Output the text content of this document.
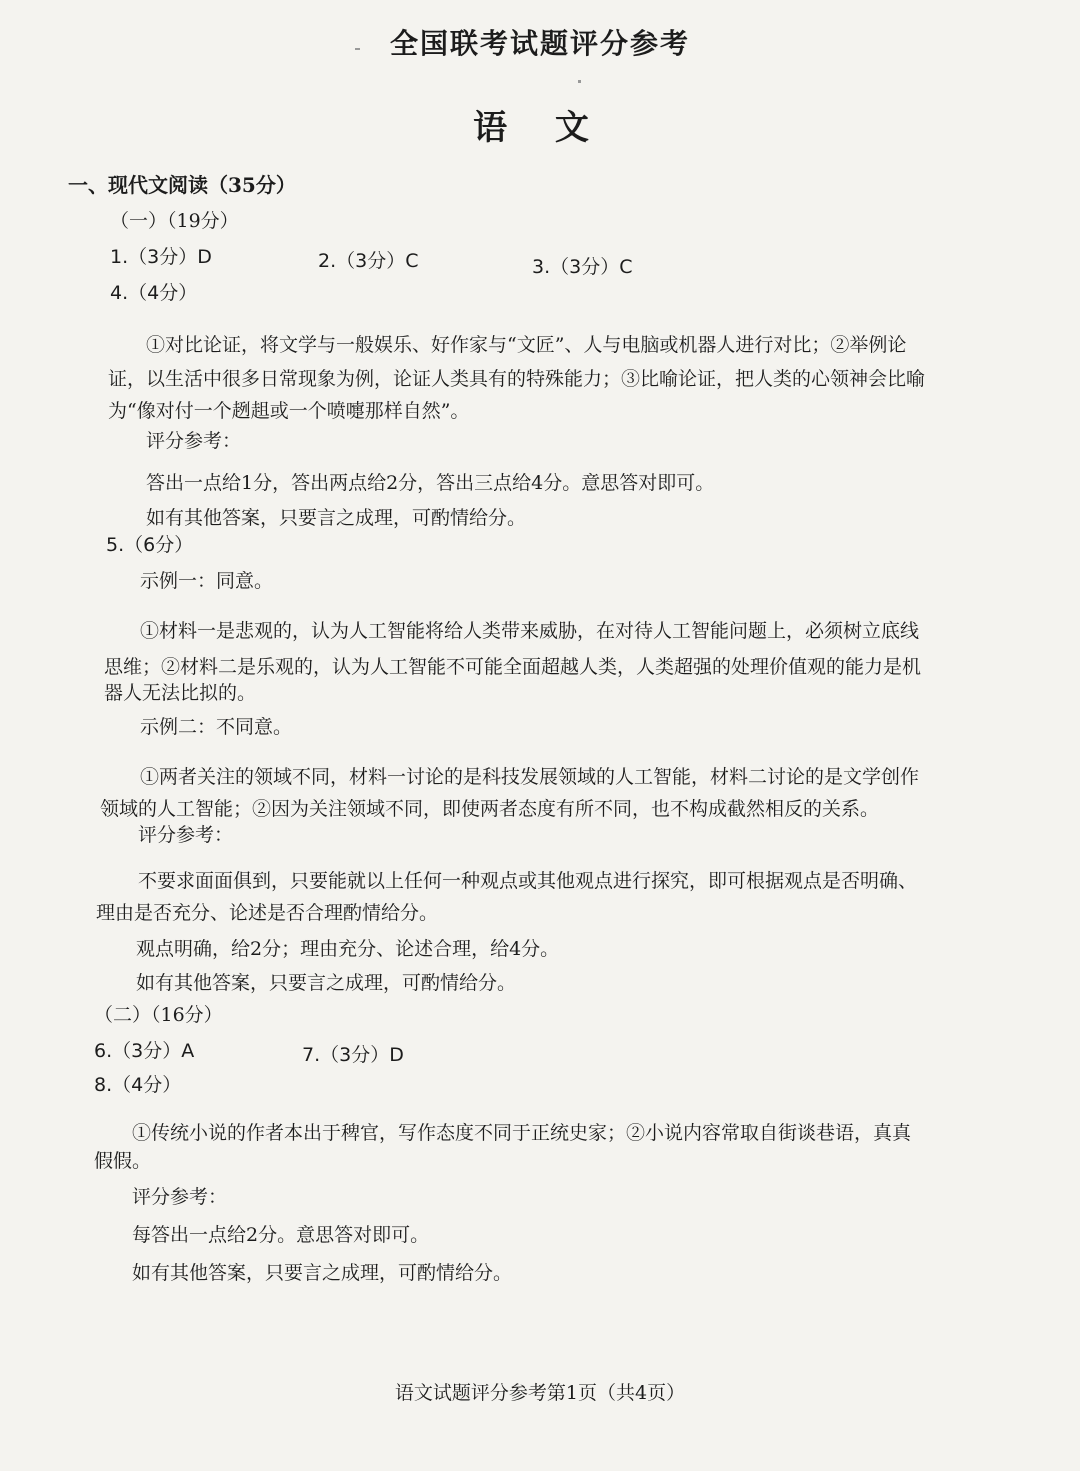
全国联考试题评分参考
语 文
一、现代文阅读（35分）
（一）（19分）
1.（3分）D	2.（3分）C	3.（3分）C
4.（4分）
①对比论证，将文学与一般娱乐、好作家与“文匠”、人与电脑或机器人进行对比；②举例论
证，以生活中很多日常现象为例，论证人类具有的特殊能力；③比喻论证，把人类的心领神会比喻
为“像对付一个趔趄或一个喷嚏那样自然”。
评分参考：
答出一点给1分，答出两点给2分，答出三点给4分。意思答对即可。
如有其他答案，只要言之成理，可酌情给分。
5.（6分）
示例一：同意。
①材料一是悲观的，认为人工智能将给人类带来威胁，在对待人工智能问题上，必须树立底线
思维；②材料二是乐观的，认为人工智能不可能全面超越人类，人类超强的处理价值观的能力是机
器人无法比拟的。
示例二：不同意。
①两者关注的领域不同，材料一讨论的是科技发展领域的人工智能，材料二讨论的是文学创作
领域的人工智能；②因为关注领域不同，即使两者态度有所不同，也不构成截然相反的关系。
评分参考：
不要求面面俱到，只要能就以上任何一种观点或其他观点进行探究，即可根据观点是否明确、
理由是否充分、论述是否合理酌情给分。
观点明确，给2分；理由充分、论述合理，给4分。
如有其他答案，只要言之成理，可酌情给分。
（二）（16分）
6.（3分）A	7.（3分）D
8.（4分）
①传统小说的作者本出于稗官，写作态度不同于正统史家；②小说内容常取自街谈巷语，真真
假假。
评分参考：
每答出一点给2分。意思答对即可。
如有其他答案，只要言之成理，可酌情给分。
语文试题评分参考第1页（共4页）
